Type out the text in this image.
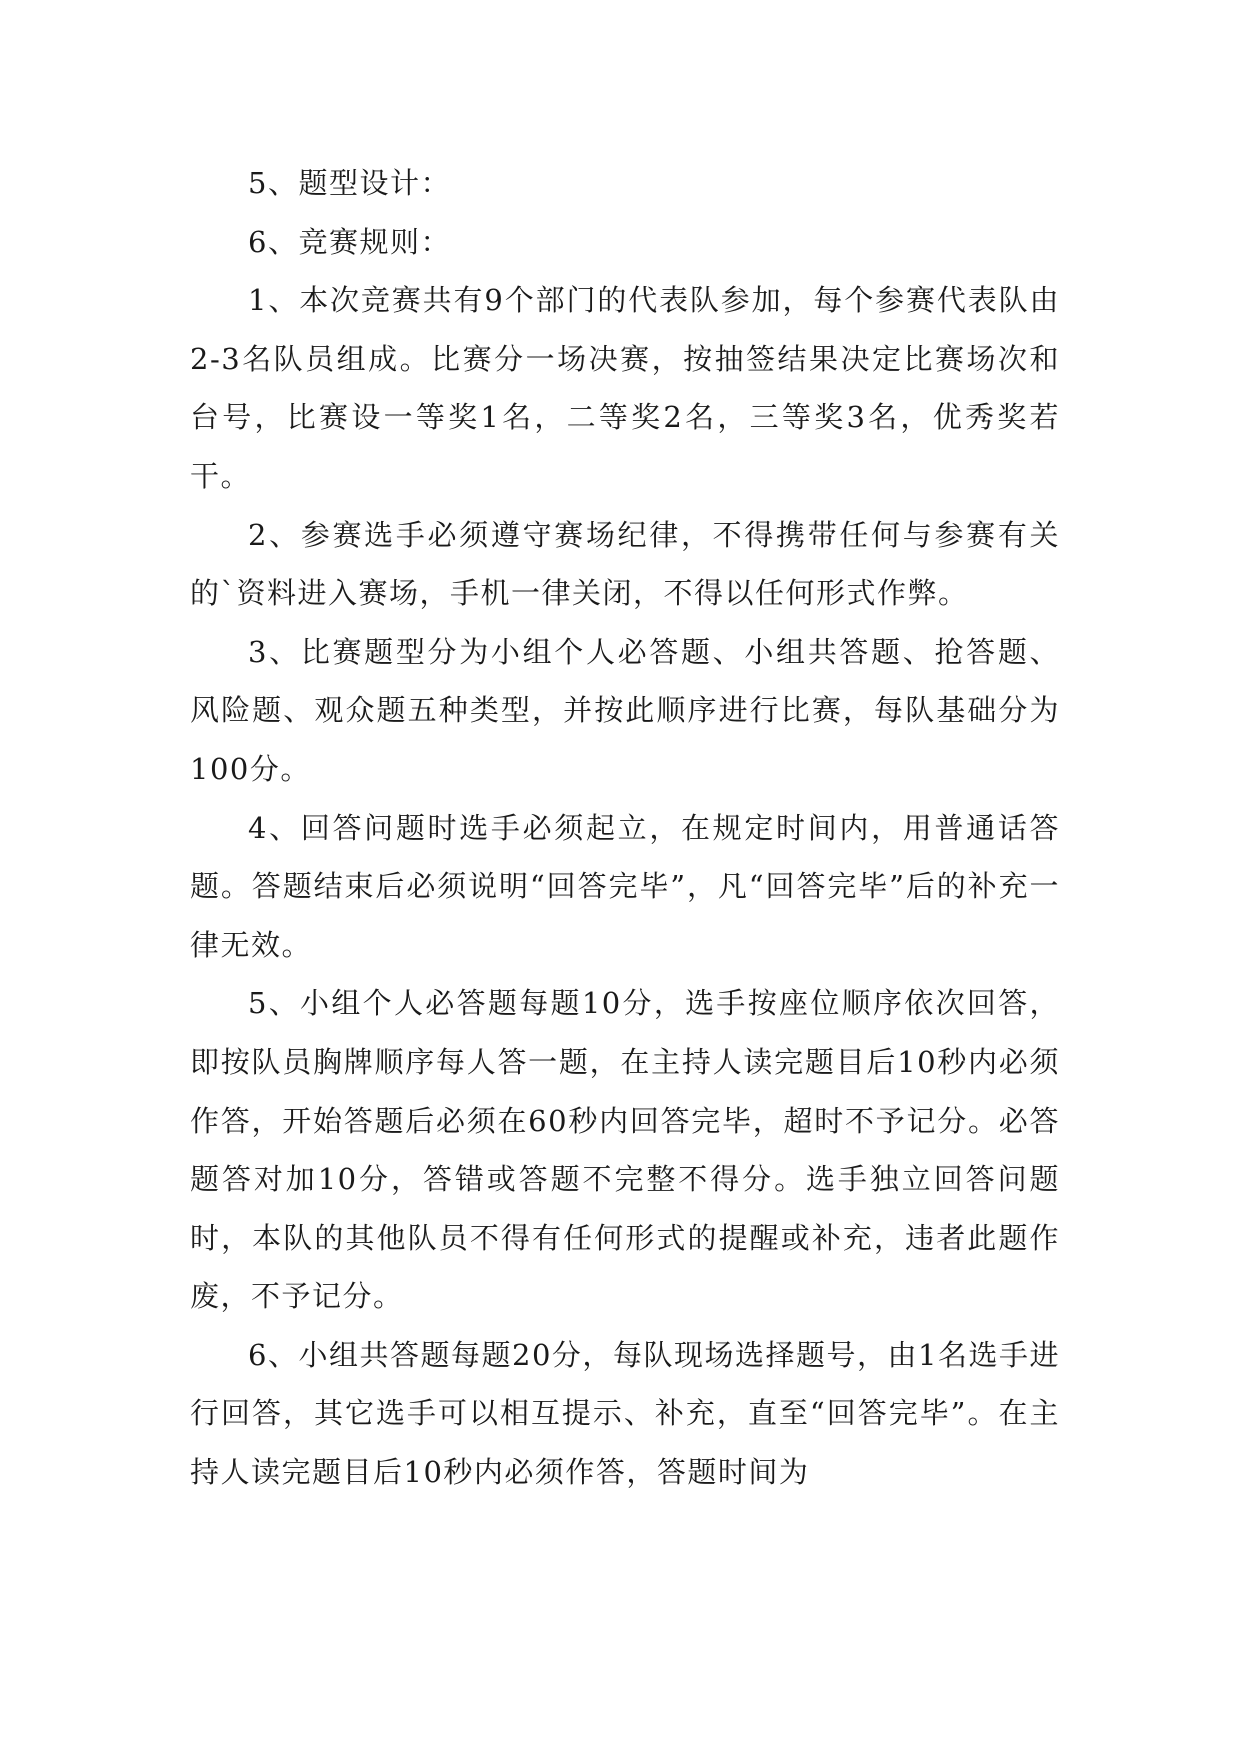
5、题型设计：

6、竞赛规则：

1、本次竞赛共有9个部门的代表队参加，每个参赛代表队由2-3名队员组成。比赛分一场决赛，按抽签结果决定比赛场次和台号，比赛设一等奖1名，二等奖2名，三等奖3名，优秀奖若干。

2、参赛选手必须遵守赛场纪律，不得携带任何与参赛有关的`资料进入赛场，手机一律关闭，不得以任何形式作弊。

3、比赛题型分为小组个人必答题、小组共答题、抢答题、风险题、观众题五种类型，并按此顺序进行比赛，每队基础分为100分。

4、回答问题时选手必须起立，在规定时间内，用普通话答题。答题结束后必须说明“回答完毕”，凡“回答完毕”后的补充一律无效。

5、小组个人必答题每题10分，选手按座位顺序依次回答，即按队员胸牌顺序每人答一题，在主持人读完题目后10秒内必须作答，开始答题后必须在60秒内回答完毕，超时不予记分。必答题答对加10分，答错或答题不完整不得分。选手独立回答问题时，本队的其他队员不得有任何形式的提醒或补充，违者此题作废，不予记分。

6、小组共答题每题20分，每队现场选择题号，由1名选手进行回答，其它选手可以相互提示、补充，直至“回答完毕”。在主持人读完题目后10秒内必须作答，答题时间为
